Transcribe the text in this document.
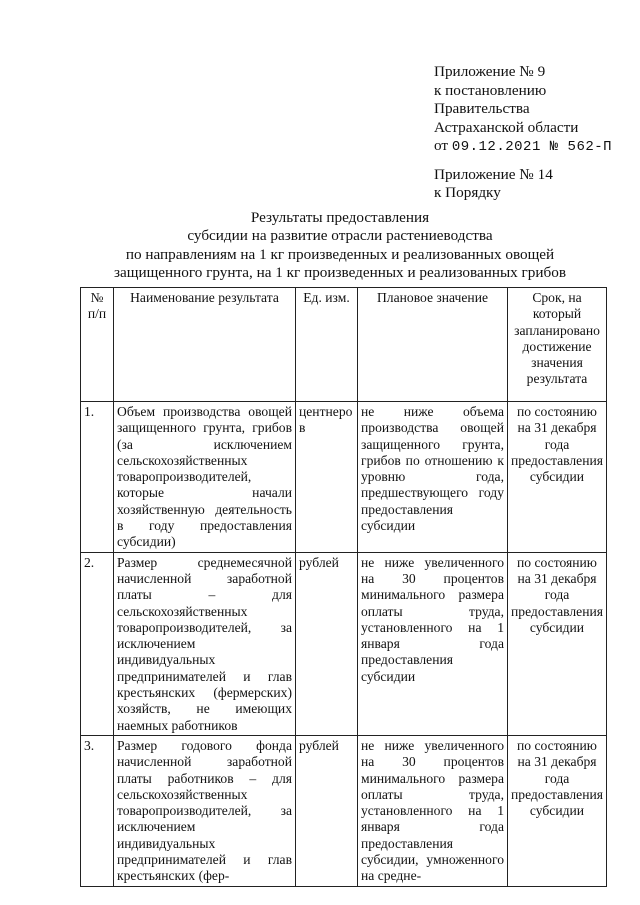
Приложение № 9
к постановлению
Правительства
Астраханской области
от 09.12.2021 № 562-П
Приложение № 14
к Порядку
Результаты предоставления
субсидии на развитие отрасли растениеводства
по направлениям на 1 кг произведенных и реализованных овощей
защищенного грунта, на 1 кг произведенных и реализованных грибов
№ п/п	Наименование результата	Ед. изм.	Плановое значение	Срок, на который запланировано достижение значения результата
1.	Объем производства овощей защищенного грунта, грибов (за исключением сельскохозяйственных товаропроизводителей, которые начали хозяйственную деятельность в году предоставления субсидии)	центнеров	не ниже объема производства овощей защищенного грунта, грибов по отношению к уровню года, предшествующего году предоставления субсидии	по состоянию на 31 декабря года предоставления субсидии
2.	Размер среднемесячной начисленной заработной платы – для сельскохозяйственных товаропроизводителей, за исключением индивидуальных предпринимателей и глав крестьянских (фермерских) хозяйств, не имеющих наемных работников	рублей	не ниже увеличенного на 30 процентов минимального размера оплаты труда, установленного на 1 января года предоставления субсидии	по состоянию на 31 декабря года предоставления субсидии
3.	Размер годового фонда начисленной заработной платы работников – для сельскохозяйственных товаропроизводителей, за исключением индивидуальных предпринимателей и глав крестьянских (фер-	рублей	не ниже увеличенного на 30 процентов минимального размера оплаты труда, установленного на 1 января года предоставления субсидии, умноженного на средне-	по состоянию на 31 декабря года предоставления субсидии
